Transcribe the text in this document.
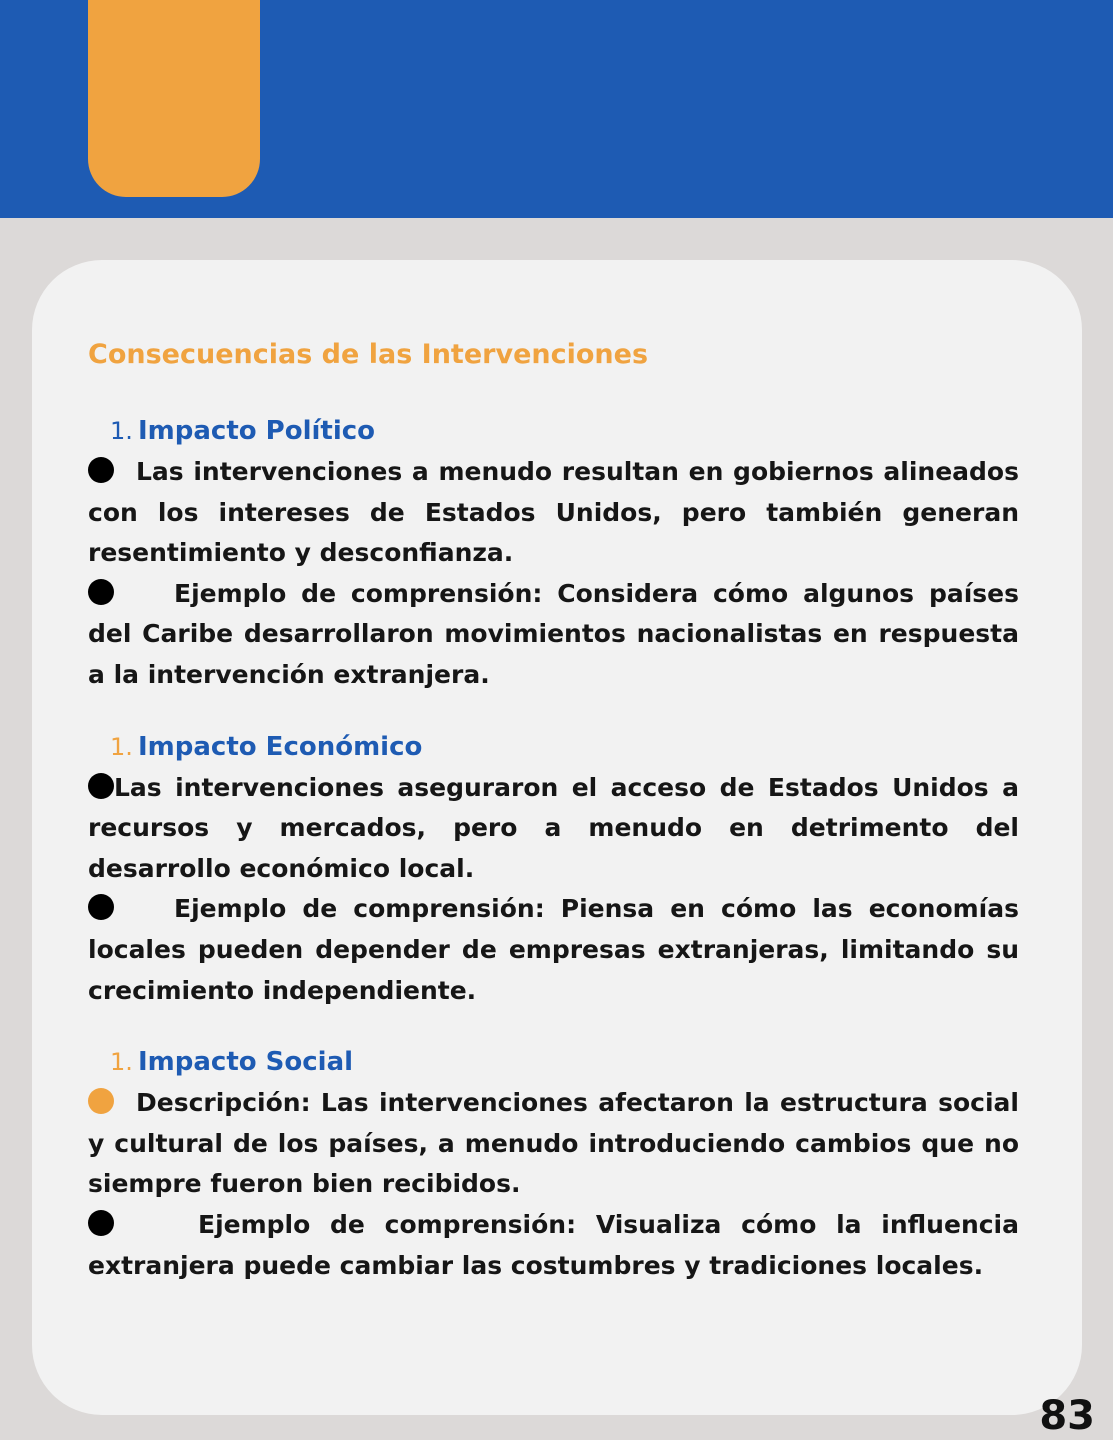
Consecuencias de las Intervenciones
1. Impacto Político

Las intervenciones a menudo resultan en gobiernos alineados con los intereses de Estados Unidos, pero también generan resentimiento y desconfianza.

Ejemplo de comprensión: Considera cómo algunos países del Caribe desarrollaron movimientos nacionalistas en respuesta a la intervención extranjera.

1. Impacto Económico

Las intervenciones aseguraron el acceso de Estados Unidos a recursos y mercados, pero a menudo en detrimento del desarrollo económico local.

Ejemplo de comprensión: Piensa en cómo las economías locales pueden depender de empresas extranjeras, limitando su crecimiento independiente.

1. Impacto Social

Descripción: Las intervenciones afectaron la estructura social y cultural de los países, a menudo introduciendo cambios que no siempre fueron bien recibidos.

Ejemplo de comprensión: Visualiza cómo la influencia extranjera puede cambiar las costumbres y tradiciones locales.

83
